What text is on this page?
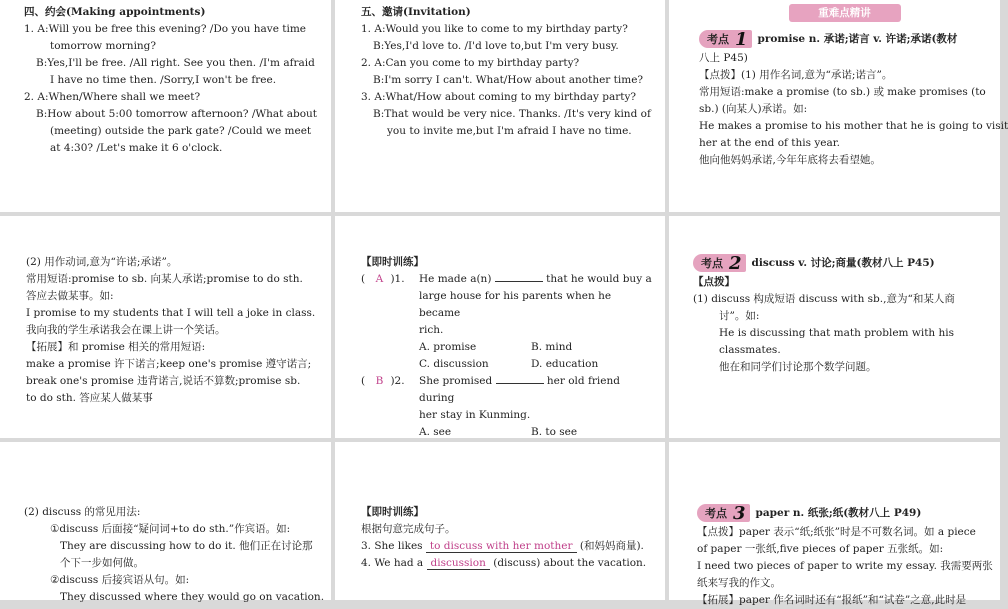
四、约会(Making appointments)
1. A:Will you be free this evening? /Do you have time
tomorrow morning?
B:Yes,I'll be free. /All right. See you then. /I'm afraid
I have no time then. /Sorry,I won't be free.
2. A:When/Where shall we meet?
B:How about 5:00 tomorrow afternoon? /What about
(meeting) outside the park gate? /Could we meet
at 4:30? /Let's make it 6 o'clock.
五、邀请(Invitation)
1. A:Would you like to come to my birthday party?
B:Yes,I'd love to. /I'd love to,but I'm very busy.
2. A:Can you come to my birthday party?
B:I'm sorry I can't. What/How about another time?
3. A:What/How about coming to my birthday party?
B:That would be very nice. Thanks. /It's very kind of
you to invite me,but I'm afraid I have no time.
重难点精讲
考点 1 promise n. 承诺;诺言 v. 许诺;承诺(教材
八上 P45)
【点拨】(1) 用作名词,意为“承诺;诺言”。
常用短语:make a promise (to sb.) 或 make promises (to
sb.) (向某人)承诺。如:
He makes a promise to his mother that he is going to visit
her at the end of this year.
他向他妈妈承诺,今年年底将去看望她。
(2) 用作动词,意为“许诺;承诺”。
常用短语:promise to sb. 向某人承诺;promise to do sth.
答应去做某事。如:
I promise to my students that I will tell a joke in class.
我向我的学生承诺我会在课上讲一个笑话。
【拓展】和 promise 相关的常用短语:
make a promise 许下诺言;keep one's promise 遵守诺言;
break one's promise 违背诺言,说话不算数;promise sb.
to do sth. 答应某人做某事
【即时训练】
( A )1.	He made a(n)	that he would buy a
large house for his parents when he became
rich.
A. promise	B. mind
C. discussion	D. education
( B )2.	She promised	her old friend during
her stay in Kunming.
A. see	B. to see
考点 2 discuss v. 讨论;商量(教材八上 P45)
【点拨】
(1) discuss 构成短语 discuss with sb.,意为“和某人商
讨”。如:
He is discussing that math problem with his
classmates.
他在和同学们讨论那个数学问题。
(2) discuss 的常见用法:
①discuss 后面接“疑问词+to do sth.”作宾语。如:
They are discussing how to do it. 他们正在讨论那
个下一步如何做。
②discuss 后接宾语从句。如:
They discussed where they would go on vacation.
【即时训练】
根据句意完成句子。
3. She likes to discuss with her mother (和妈妈商量).
4. We had a discussion (discuss) about the vacation.
考点 3 paper n. 纸张;纸(教材八上 P49)
【点拨】paper 表示“纸;纸张”时是不可数名词。如 a piece
of paper 一张纸,five pieces of paper 五张纸。如:
I need two pieces of paper to write my essay. 我需要两张
纸来写我的作文。
【拓展】paper 作名词时还有“报纸”和“试卷”之意,此时是
